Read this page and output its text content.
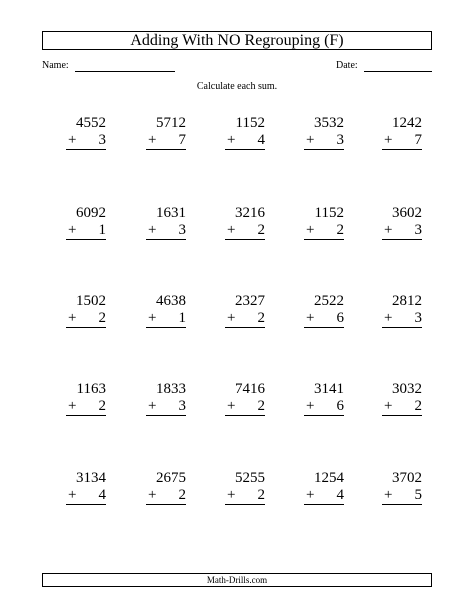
Adding With NO Regrouping (F)
Name:	Date:
Calculate each sum.
4552
+ 3
5712
+ 7
1152
+ 4
3532
+ 3
1242
+ 7
6092
+ 1
1631
+ 3
3216
+ 2
1152
+ 2
3602
+ 3
1502
+ 2
4638
+ 1
2327
+ 2
2522
+ 6
2812
+ 3
1163
+ 2
1833
+ 3
7416
+ 2
3141
+ 6
3032
+ 2
3134
+ 4
2675
+ 2
5255
+ 2
1254
+ 4
3702
+ 5
Math-Drills.com
